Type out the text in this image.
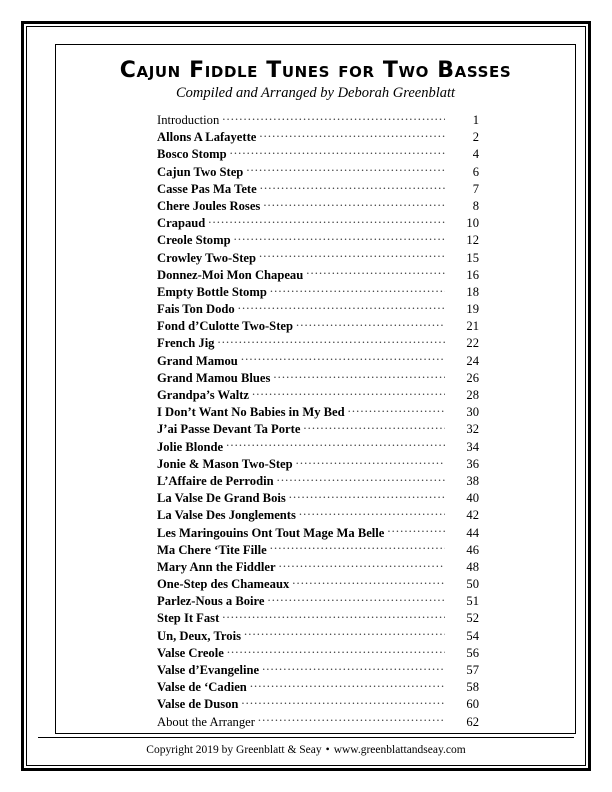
Cajun Fiddle Tunes for Two Basses
Compiled and Arranged by Deborah Greenblatt
Introduction .....	1
Allons A Lafayette .....	2
Bosco Stomp .....	4
Cajun Two Step .....	6
Casse Pas Ma Tete .....	7
Chere Joules Roses .....	8
Crapaud .....	10
Creole Stomp .....	12
Crowley Two-Step .....	15
Donnez-Moi Mon Chapeau .....	16
Empty Bottle Stomp .....	18
Fais Ton Dodo .....	19
Fond d’Culotte Two-Step .....	21
French Jig .....	22
Grand Mamou .....	24
Grand Mamou Blues .....	26
Grandpa’s Waltz .....	28
I Don’t Want No Babies in My Bed .....	30
J’ai Passe Devant Ta Porte .....	32
Jolie Blonde .....	34
Jonie & Mason Two-Step .....	36
L’Affaire de Perrodin .....	38
La Valse De Grand Bois .....	40
La Valse Des Jonglements .....	42
Les Maringouins Ont Tout Mage Ma Belle .....	44
Ma Chere ‘Tite Fille .....	46
Mary Ann the Fiddler .....	48
One-Step des Chameaux .....	50
Parlez-Nous a Boire .....	51
Step It Fast .....	52
Un, Deux, Trois .....	54
Valse Creole .....	56
Valse d’Evangeline .....	57
Valse de ‘Cadien .....	58
Valse de Duson .....	60
About the Arranger .....	62
Copyright 2019 by Greenblatt & Seay • www.greenblattandseay.com
